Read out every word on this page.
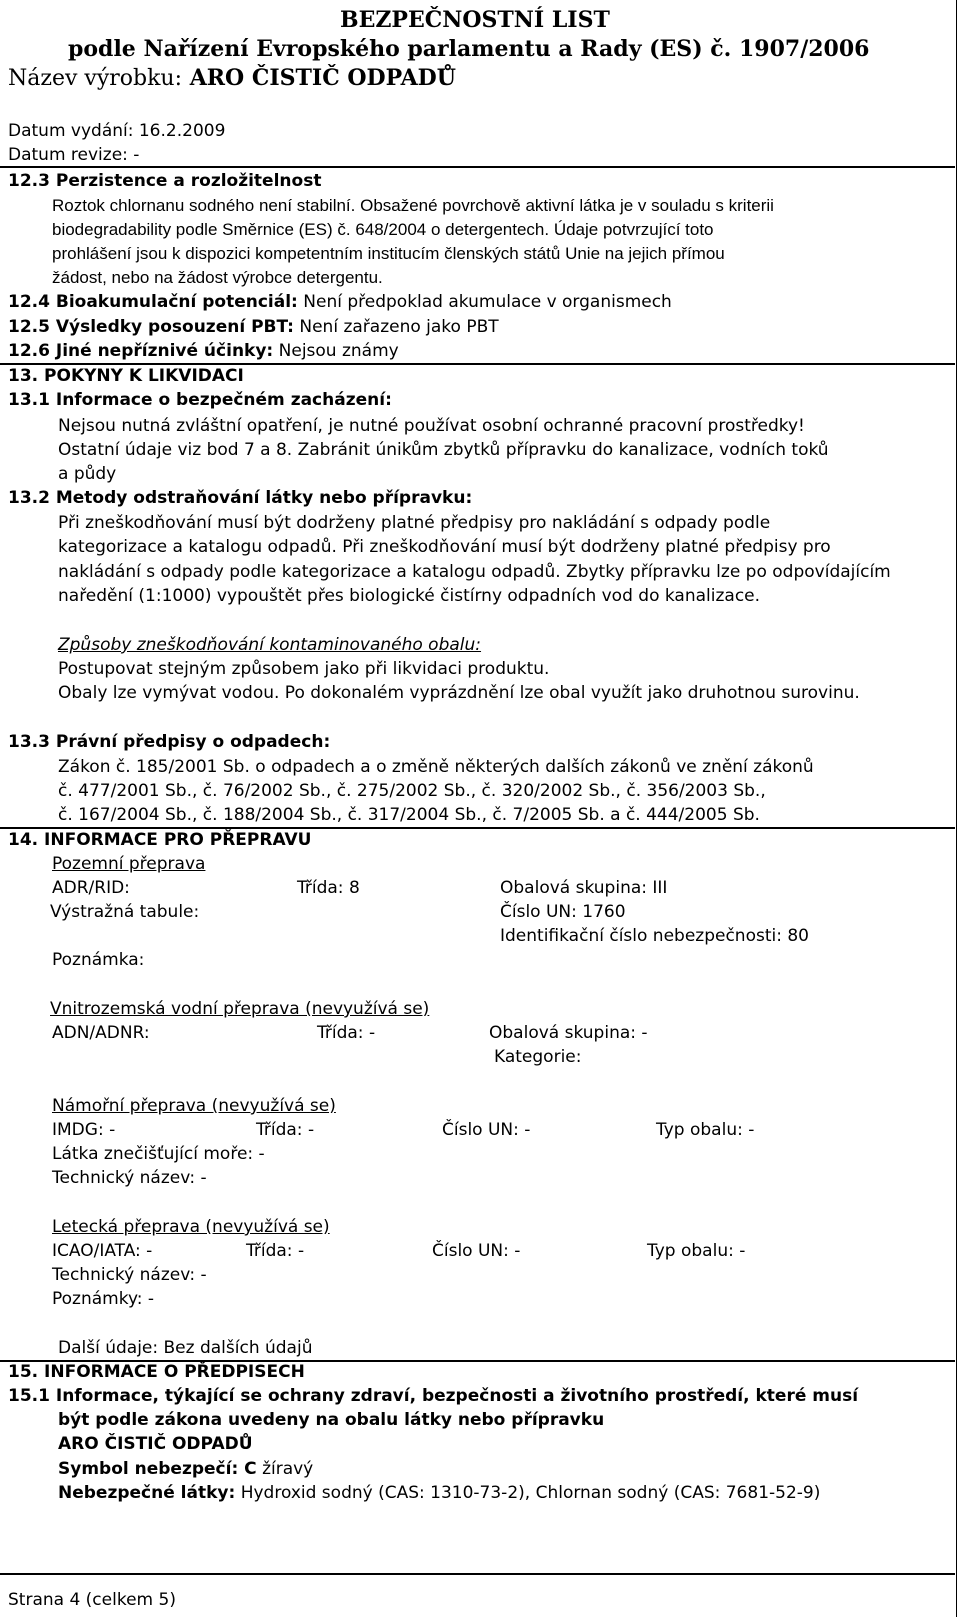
BEZPEČNOSTNÍ LIST
podle Nařízení Evropského parlamentu a Rady (ES) č. 1907/2006
Název výrobku: ARO ČISTIČ ODPADŮ
Datum vydání: 16.2.2009
Datum revize: -
12.3 Perzistence a rozložitelnost
Roztok chlornanu sodného není stabilní. Obsažené povrchově aktivní látka je v souladu s kriterii
biodegradability podle Směrnice (ES) č. 648/2004 o detergentech. Údaje potvrzující toto
prohlášení jsou k dispozici kompetentním institucím členských států Unie na jejich přímou
žádost, nebo na žádost výrobce detergentu.
12.4 Bioakumulační potenciál: Není předpoklad akumulace v organismech
12.5 Výsledky posouzení PBT: Není zařazeno jako PBT
12.6 Jiné nepříznivé účinky: Nejsou známy
13. POKYNY K LIKVIDACI
13.1 Informace o bezpečném zacházení:
Nejsou nutná zvláštní opatření, je nutné používat osobní ochranné pracovní prostředky!
Ostatní údaje viz bod 7 a 8. Zabránit únikům zbytků přípravku do kanalizace, vodních toků
a půdy
13.2 Metody odstraňování látky nebo přípravku:
Při zneškodňování musí být dodrženy platné předpisy pro nakládání s odpady podle
kategorizace a katalogu odpadů. Při zneškodňování musí být dodrženy platné předpisy pro
nakládání s odpady podle kategorizace a katalogu odpadů. Zbytky přípravku lze po odpovídajícím
naředění (1:1000) vypouštět přes biologické čistírny odpadních vod do kanalizace.
Způsoby zneškodňování kontaminovaného obalu:
Postupovat stejným způsobem jako při likvidaci produktu.
Obaly lze vymývat vodou. Po dokonalém vyprázdnění lze obal využít jako druhotnou surovinu.
13.3 Právní předpisy o odpadech:
Zákon č. 185/2001 Sb. o odpadech a o změně některých dalších zákonů ve znění zákonů
č. 477/2001 Sb., č. 76/2002 Sb., č. 275/2002 Sb., č. 320/2002 Sb., č. 356/2003 Sb.,
č. 167/2004 Sb., č. 188/2004 Sb., č. 317/2004 Sb., č. 7/2005 Sb. a č. 444/2005 Sb.
14. INFORMACE PRO PŘEPRAVU
Pozemní přeprava
ADR/RID:	Třída: 8	Obalová skupina: III
Výstražná tabule:	Číslo UN: 1760
Identifikační číslo nebezpečnosti: 80
Poznámka:
Vnitrozemská vodní přeprava (nevyužívá se)
ADN/ADNR:	Třída: -	Obalová skupina: -
Kategorie:
Námořní přeprava (nevyužívá se)
IMDG: -	Třída: -	Číslo UN: -	Typ obalu: -
Látka znečišťující moře: -
Technický název: -
Letecká přeprava (nevyužívá se)
ICAO/IATA: -	Třída: -	Číslo UN: -	Typ obalu: -
Technický název: -
Poznámky: -
Další údaje: Bez dalších údajů
15. INFORMACE O PŘEDPISECH
15.1 Informace, týkající se ochrany zdraví, bezpečnosti a životního prostředí, které musí
být podle zákona uvedeny na obalu látky nebo přípravku
ARO ČISTIČ ODPADŮ
Symbol nebezpečí: C žíravý
Nebezpečné látky: Hydroxid sodný (CAS: 1310-73-2), Chlornan sodný (CAS: 7681-52-9)
Strana 4 (celkem 5)
